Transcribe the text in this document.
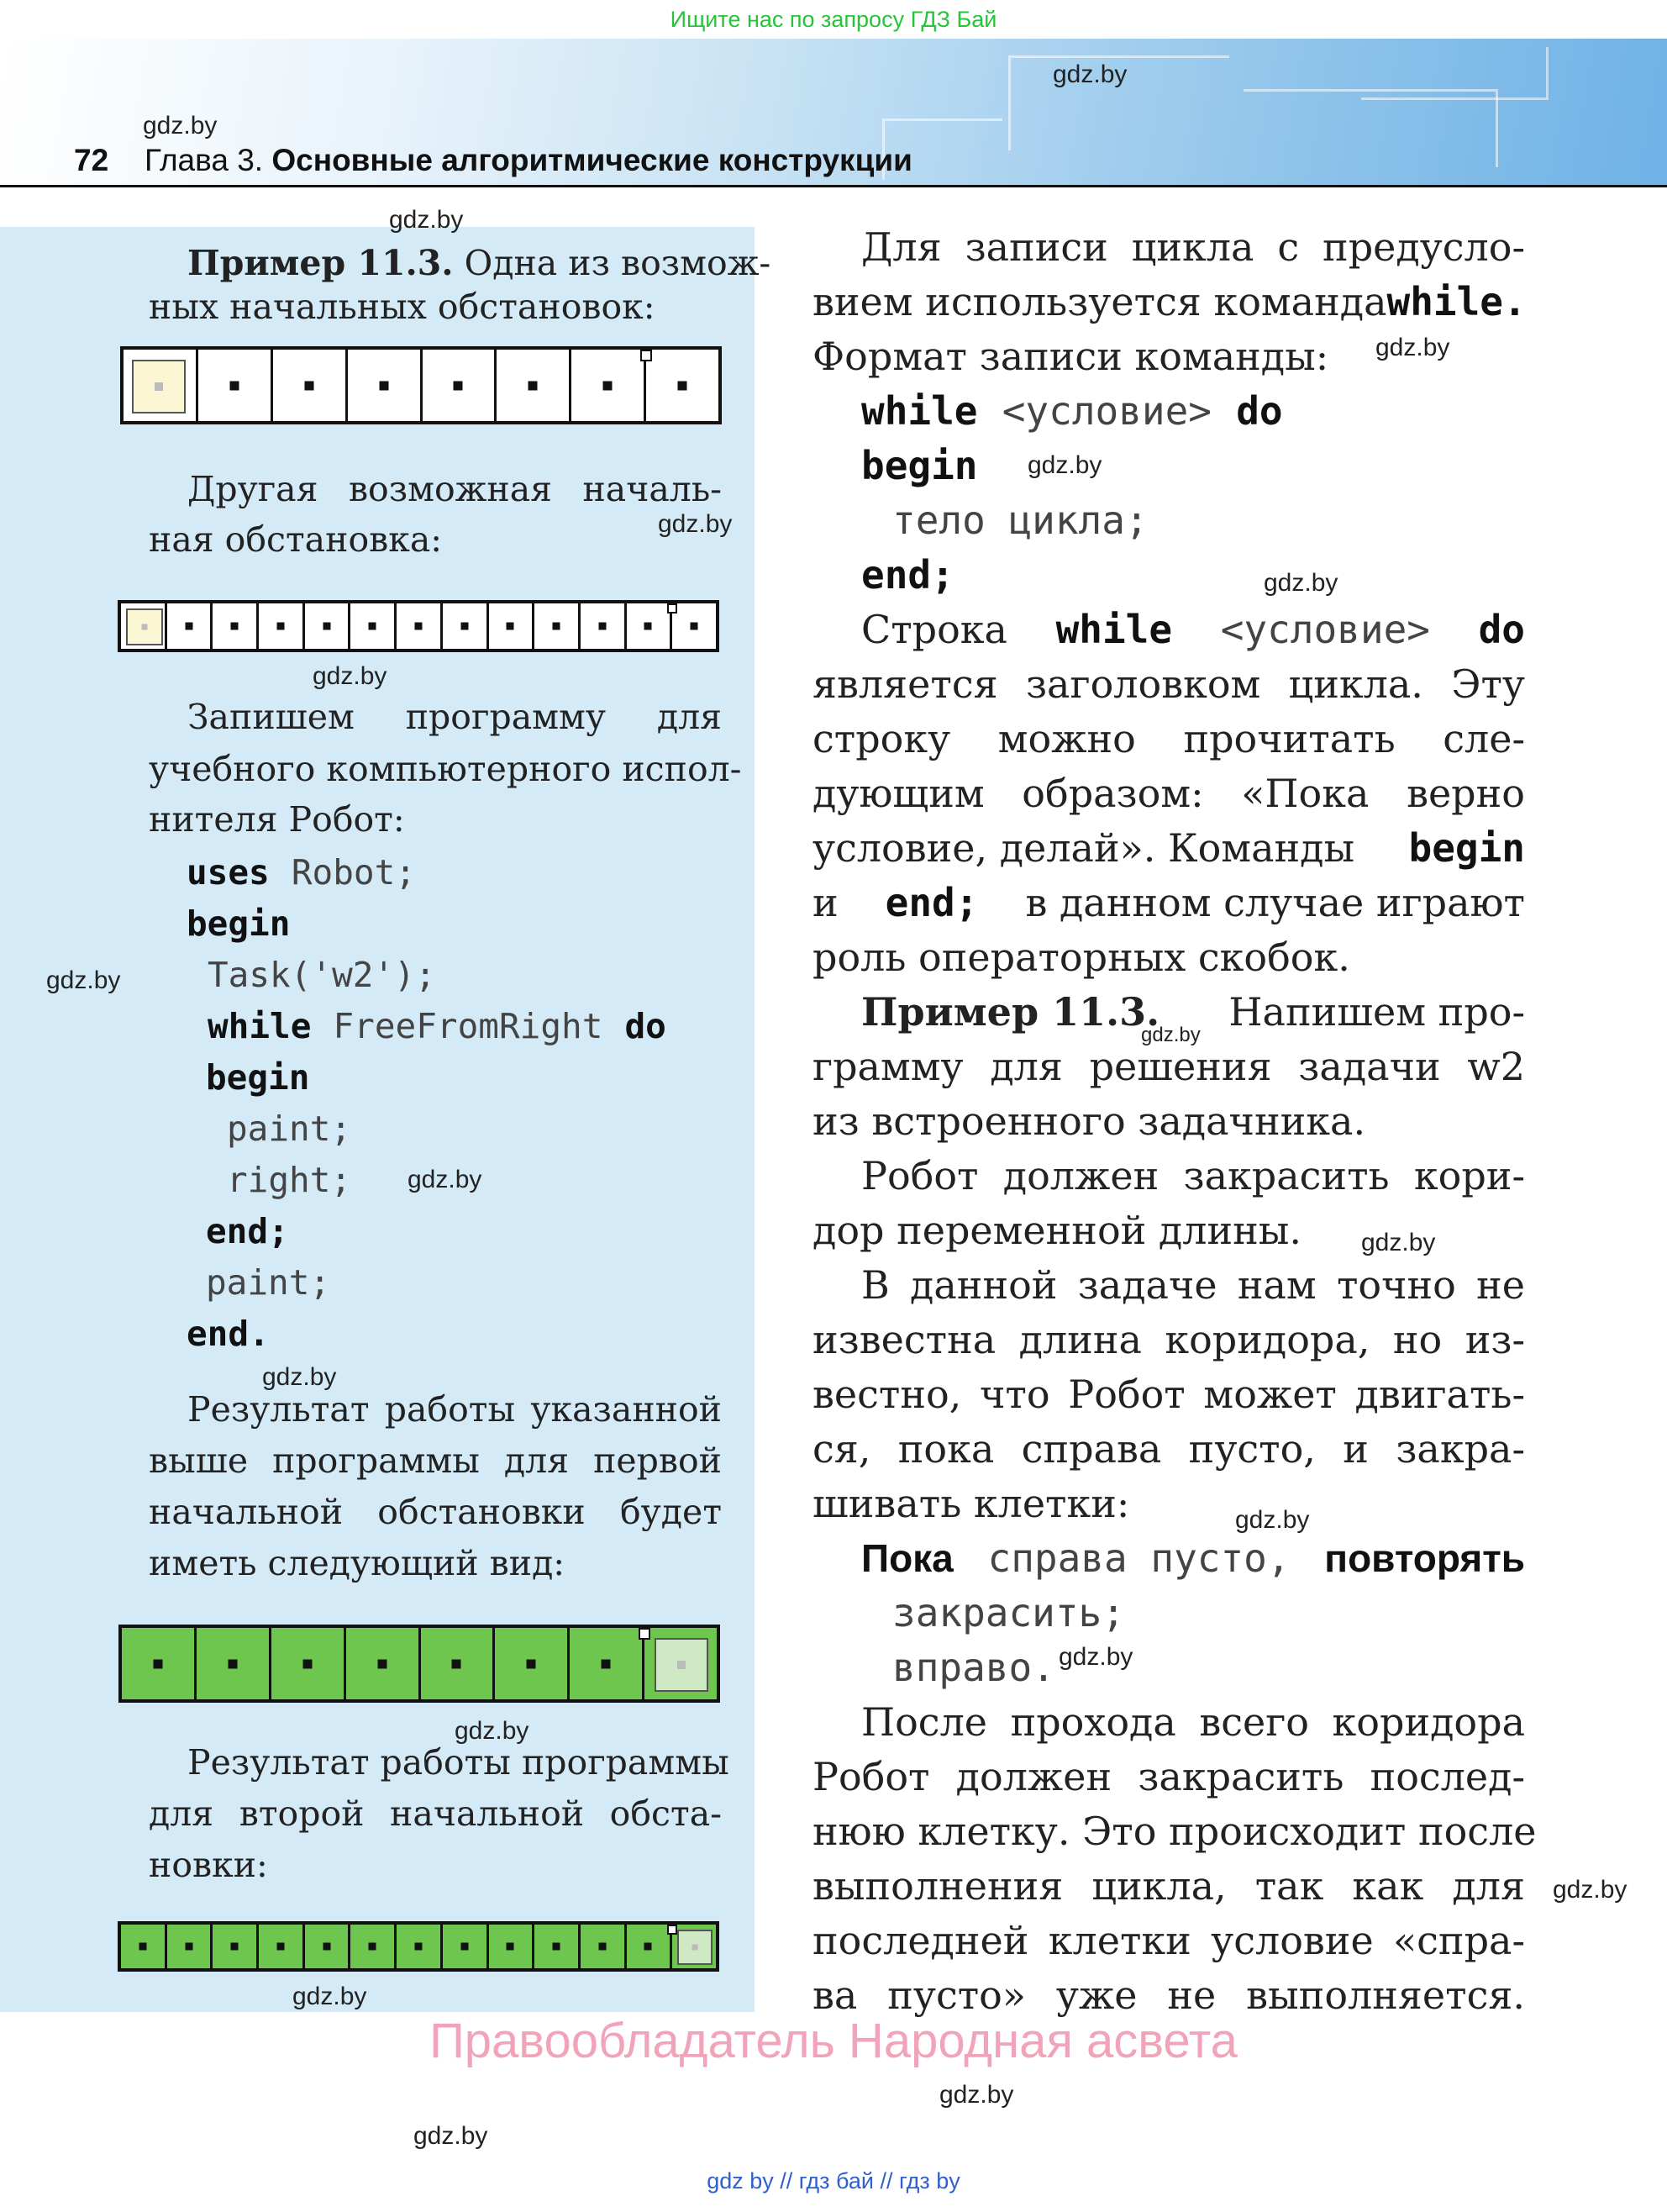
Ищите нас по запросу ГДЗ Бай
gdz.by
gdz.by
72 Глава 3. Основные алгоритмические конструкции
gdz.by
Пример 11.3. Одна из возмож-
ных начальных обстановок:
Другая возможная началь-
gdz.by
ная обстановка:
gdz.by
Запишем программу для
учебного компьютерного испол-
нителя Робот:
uses Robot;
begin
gdz.by	Task('w2');
while FreeFromRight do
begin
paint;
right; gdz.by
end;
paint;
end.
gdz.by
Результат работы указанной
выше программы для первой
начальной обстановки будет
иметь следующий вид:
gdz.by
Результат работы программы
для второй начальной обста-
новки:
gdz.by
Для записи цикла с предусло-
вием используется команда while.
Формат записи команды: gdz.by
while <условие> do
begin gdz.by
тело цикла;
end;	gdz.by
Строка while <условие> do
является заголовком цикла. Эту
строку можно прочитать сле-
дующим образом: «Пока верно
условие, делай». Команды begin
и end; в данном случае играют
роль операторных скобок.
Пример 11.3. Напишем про-
gdz.by
грамму для решения задачи w2
из встроенного задачника.
Робот должен закрасить кори-
дор переменной длины. gdz.by
В данной задаче нам точно не
известна длина коридора, но из-
вестно, что Робот может двигать-
ся, пока справа пусто, и закра-
шивать клетки:	gdz.by
Пока справа пусто, повторять
закрасить;
вправо. gdz.by
После прохода всего коридора
Робот должен закрасить послед-
нюю клетку. Это происходит после
выполнения цикла, так как для gdz.by
последней клетки условие «спра-
ва пусто» уже не выполняется.
Правообладатель Народная асвета
gdz.by
gdz.by
gdz by // гдз бай // гдз by
